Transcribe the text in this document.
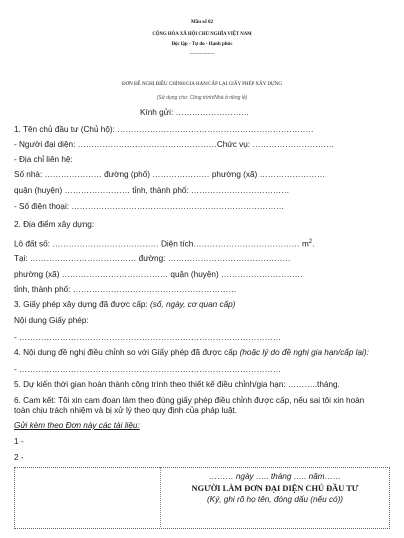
Mẫu số 02
CỘNG HÒA XÃ HỘI CHỦ NGHĨA VIỆT NAM
Độc lập - Tự do - Hạnh phúc
---------------
ĐƠN ĐỀ NGHỊ ĐIỀU CHỈNH/GIA HẠN/CẤP LẠI GIẤY PHÉP XÂY DỰNG
(Sử dụng cho: Công trình/Nhà ở riêng lẻ)
Kính gửi: ………………………
1. Tên chủ đầu tư (Chủ hộ): ………………………………………………………………
- Người đại diện: ……………………………………………Chức vụ: …………………………
- Địa chỉ liên hệ:
Số nhà: ………………… đường (phố) ………………… phường (xã) ……………………
quận (huyện) …………………… tỉnh, thành phố: ………………………………
- Số điện thoại: ……………………………………………………………………
2. Địa điểm xây dựng:
Lô đất số: ………………………………… Diện tích………………………………… $m^2$.
Tại: ………………………………… đường: ………………………………………
phường (xã) ………………………………… quận (huyện) …………………………
tỉnh, thành phố: ……………………………………………………
3. Giấy phép xây dựng đã được cấp: (số, ngày, cơ quan cấp)
Nội dung Giấy phép:
- ……………………………………………………………………………………
4. Nội dung đề nghị điều chỉnh so với Giấy phép đã được cấp (hoặc lý do đề nghị gia hạn/cấp lại):
- ……………………………………………………………………………………
5. Dự kiến thời gian hoàn thành công trình theo thiết kế điều chỉnh/gia hạn: ………..tháng.
6. Cam kết: Tôi xin cam đoan làm theo đúng giấy phép điều chỉnh được cấp, nếu sai tôi xin hoàn
toàn chịu trách nhiệm và bị xử lý theo quy định của pháp luật.
Gửi kèm theo Đơn này các tài liệu:
1 -
2 -
……… ngày ….. tháng ….. năm……
NGƯỜI LÀM ĐƠN ĐẠI DIỆN CHỦ ĐẦU TƯ
(Ký, ghi rõ họ tên, đóng dấu (nếu có))
